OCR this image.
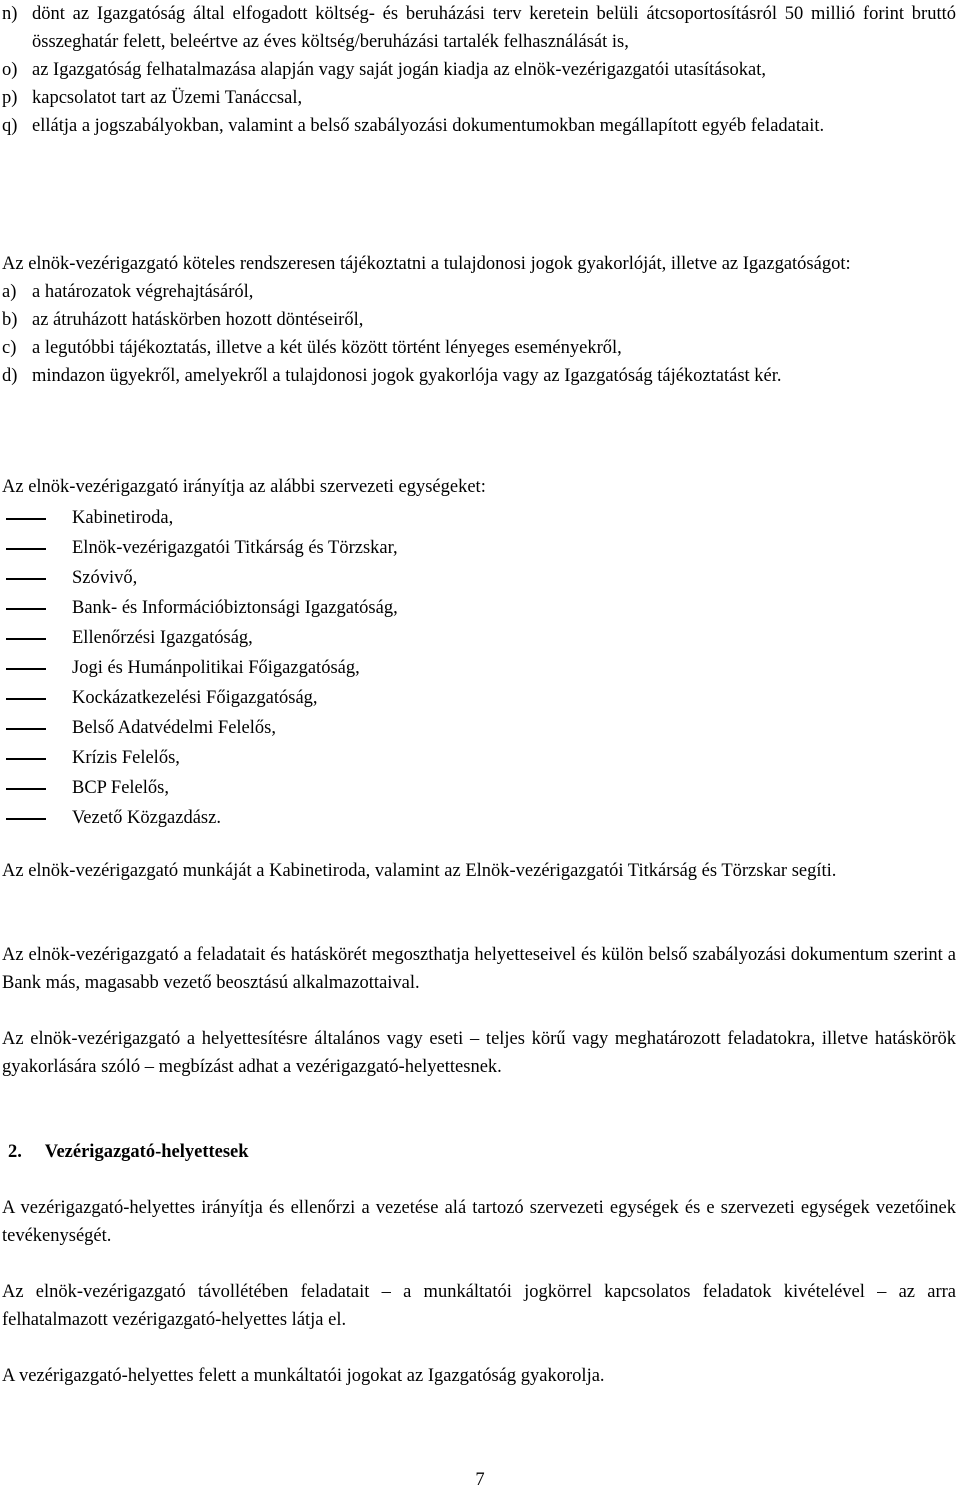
n) dönt az Igazgatóság által elfogadott költség- és beruházási terv keretein belüli átcsoportosításról 50 millió forint bruttó összeghatár felett, beleértve az éves költség/beruházási tartalék felhasználását is,
o) az Igazgatóság felhatalmazása alapján vagy saját jogán kiadja az elnök-vezérigazgatói utasításokat,
p) kapcsolatot tart az Üzemi Tanáccsal,
q) ellátja a jogszabályokban, valamint a belső szabályozási dokumentumokban megállapított egyéb feladatait.
Az elnök-vezérigazgató köteles rendszeresen tájékoztatni a tulajdonosi jogok gyakorlóját, illetve az Igazgatóságot:
a) a határozatok végrehajtásáról,
b) az átruházott hatáskörben hozott döntéseiről,
c) a legutóbbi tájékoztatás, illetve a két ülés között történt lényeges eseményekről,
d) mindazon ügyekről, amelyekről a tulajdonosi jogok gyakorlója vagy az Igazgatóság tájékoztatást kér.
Az elnök-vezérigazgató irányítja az alábbi szervezeti egységeket:
Kabinetiroda,
Elnök-vezérigazgatói Titkárság és Törzskar,
Szóvivő,
Bank- és Információbiztonsági Igazgatóság,
Ellenőrzési Igazgatóság,
Jogi és Humánpolitikai Főigazgatóság,
Kockázatkezelési Főigazgatóság,
Belső Adatvédelmi Felelős,
Krízis Felelős,
BCP Felelős,
Vezető Közgazdász.
Az elnök-vezérigazgató munkáját a Kabinetiroda, valamint az Elnök-vezérigazgatói Titkárság és Törzskar segíti.
Az elnök-vezérigazgató a feladatait és hatáskörét megoszthatja helyetteseivel és külön belső szabályozási dokumentum szerint a Bank más, magasabb vezető beosztású alkalmazottaival.
Az elnök-vezérigazgató a helyettesítésre általános vagy eseti – teljes körű vagy meghatározott feladatokra, illetve hatáskörök gyakorlására szóló – megbízást adhat a vezérigazgató-helyettesnek.
2. Vezérigazgató-helyettesek
A vezérigazgató-helyettes irányítja és ellenőrzi a vezetése alá tartozó szervezeti egységek és e szervezeti egységek vezetőinek tevékenységét.
Az elnök-vezérigazgató távollétében feladatait – a munkáltatói jogkörrel kapcsolatos feladatok kivételével – az arra felhatalmazott vezérigazgató-helyettes látja el.
A vezérigazgató-helyettes felett a munkáltatói jogokat az Igazgatóság gyakorolja.
7
